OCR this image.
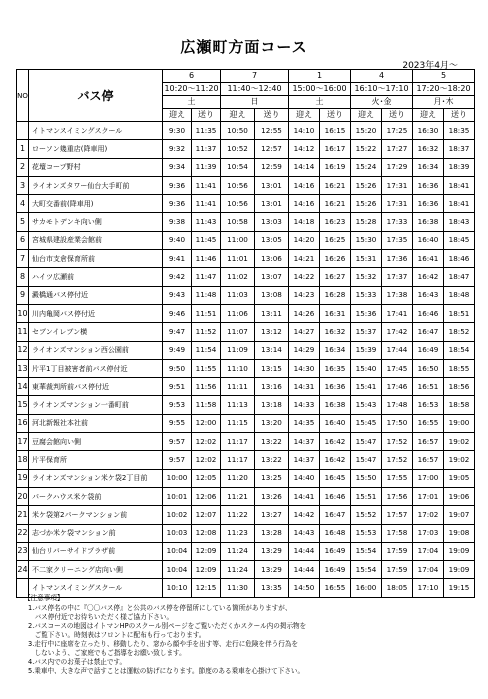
広瀬町方面コース
2023年4月～
NO	バス停	6		7		1		4		5	
		10:20～11:20		11:40～12:40		15:00～16:00		16:10～17:10		17:20～18:20	
		土		日		土		火･金		月･木	
		迎え	送り	迎え	送り	迎え	送り	迎え	送り	迎え	送り
	イトマンスイミングスクール	9:30	11:35	10:50	12:55	14:10	16:15	15:20	17:25	16:30	18:35
1	ローソン幾重店(降車用)	9:32	11:37	10:52	12:57	14:12	16:17	15:22	17:27	16:32	18:37
2	花壇コープ野村	9:34	11:39	10:54	12:59	14:14	16:19	15:24	17:29	16:34	18:39
3	ライオンズタワー仙台大手町前	9:36	11:41	10:56	13:01	14:16	16:21	15:26	17:31	16:36	18:41
4	大町交番前(降車用)	9:36	11:41	10:56	13:01	14:16	16:21	15:26	17:31	16:36	18:41
5	サカモトデンキ向い側	9:38	11:43	10:58	13:03	14:18	16:23	15:28	17:33	16:38	18:43
6	宮城県建設産業会館前	9:40	11:45	11:00	13:05	14:20	16:25	15:30	17:35	16:40	18:45
7	仙台市支倉保育所前	9:41	11:46	11:01	13:06	14:21	16:26	15:31	17:36	16:41	18:46
8	ハイツ広瀬前	9:42	11:47	11:02	13:07	14:22	16:27	15:32	17:37	16:42	18:47
9	澱橋通バス停付近	9:43	11:48	11:03	13:08	14:23	16:28	15:33	17:38	16:43	18:48
10	川内亀岡バス停付近	9:46	11:51	11:06	13:11	14:26	16:31	15:36	17:41	16:46	18:51
11	セブンイレブン横	9:47	11:52	11:07	13:12	14:27	16:32	15:37	17:42	16:47	18:52
12	ライオンズマンション西公園前	9:49	11:54	11:09	13:14	14:29	16:34	15:39	17:44	16:49	18:54
13	片平1丁目被害者前バス停付近	9:50	11:55	11:10	13:15	14:30	16:35	15:40	17:45	16:50	18:55
14	東華裁判所前バス停付近	9:51	11:56	11:11	13:16	14:31	16:36	15:41	17:46	16:51	18:56
15	ライオンズマンション一番町前	9:53	11:58	11:13	13:18	14:33	16:38	15:43	17:48	16:53	18:58
16	河北新報社本社前	9:55	12:00	11:15	13:20	14:35	16:40	15:45	17:50	16:55	19:00
17	豆腐会館向い側	9:57	12:02	11:17	13:22	14:37	16:42	15:47	17:52	16:57	19:02
18	片平保育所	9:57	12:02	11:17	13:22	14:37	16:42	15:47	17:52	16:57	19:02
19	ライオンズマンション米ケ袋2丁目前	10:00	12:05	11:20	13:25	14:40	16:45	15:50	17:55	17:00	19:05
20	パークハウス米ケ袋前	10:01	12:06	11:21	13:26	14:41	16:46	15:51	17:56	17:01	19:06
21	米ケ袋第2パークマンション前	10:02	12:07	11:22	13:27	14:42	16:47	15:52	17:57	17:02	19:07
22	志づか米ケ袋マンション前	10:03	12:08	11:23	13:28	14:43	16:48	15:53	17:58	17:03	19:08
23	仙台リバーサイドプラザ前	10:04	12:09	11:24	13:29	14:44	16:49	15:54	17:59	17:04	19:09
24	不二家クリーニング店向い側	10:04	12:09	11:24	13:29	14:44	16:49	15:54	17:59	17:04	19:09
	イトマンスイミングスクール	10:10	12:15	11:30	13:35	14:50	16:55	16:00	18:05	17:10	19:15
【注意事項】
1.バス停名の中に『〇〇バス停』と公共のバス停を停留所にしている箇所がありますが、
　バス停付近でお待ちいただく様ご協力下さい。
2.バスコースの地図はイトマンHPのスクール別ページをご覧いただくかスクール内の掲示物を
　ご覧下さい。時刻表はフロントに配布も行っております。
3.走行中に座席を立ったり、移動したり、窓から顔や手を出す等、走行に危険を伴う行為を
　しないよう、ご家庭でもご指導をお願い致します。
4.バス内でのお菓子は禁止です。
5.乗車中、大きな声で話すことは運転の妨げになります。節度のある乗車を心掛けて下さい。
